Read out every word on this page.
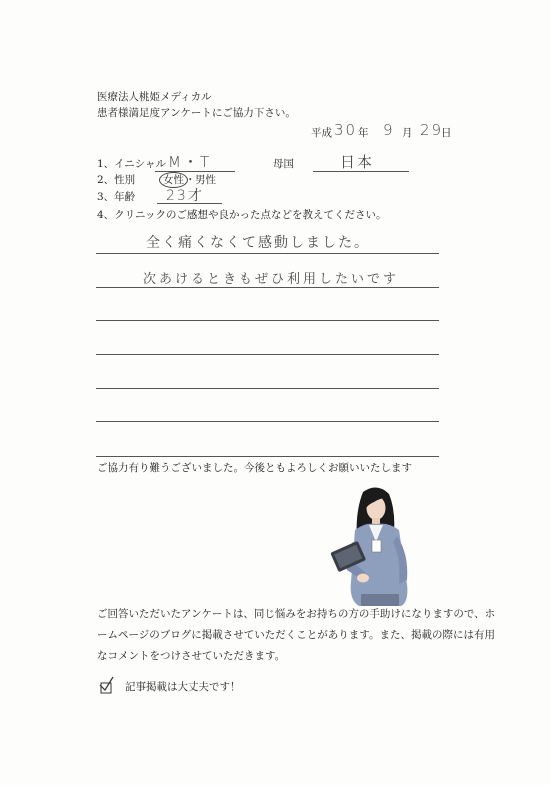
医療法人桃姫メディカル
患者様満足度アンケートにご協力下さい。
平成 30 年 9 月 29
日
1、イニシャル M・T	母国	日本
2、性別	女性 ・ 男性
3、年齢 23才
4、クリニックのご感想や良かった点などを教えてください。
全く痛くなくて感動しました。
次あけるときもぜひ利用したいです
ご協力有り難うございました。今後ともよろしくお願いいたします
ご回答いただいたアンケートは、同じ悩みをお持ちの方の手助けになりますので、ホ
ームページのブログに掲載させていただくことがあります。また、掲載の際には有用
なコメントをつけさせていただきます。
記事掲載は大丈夫です！
